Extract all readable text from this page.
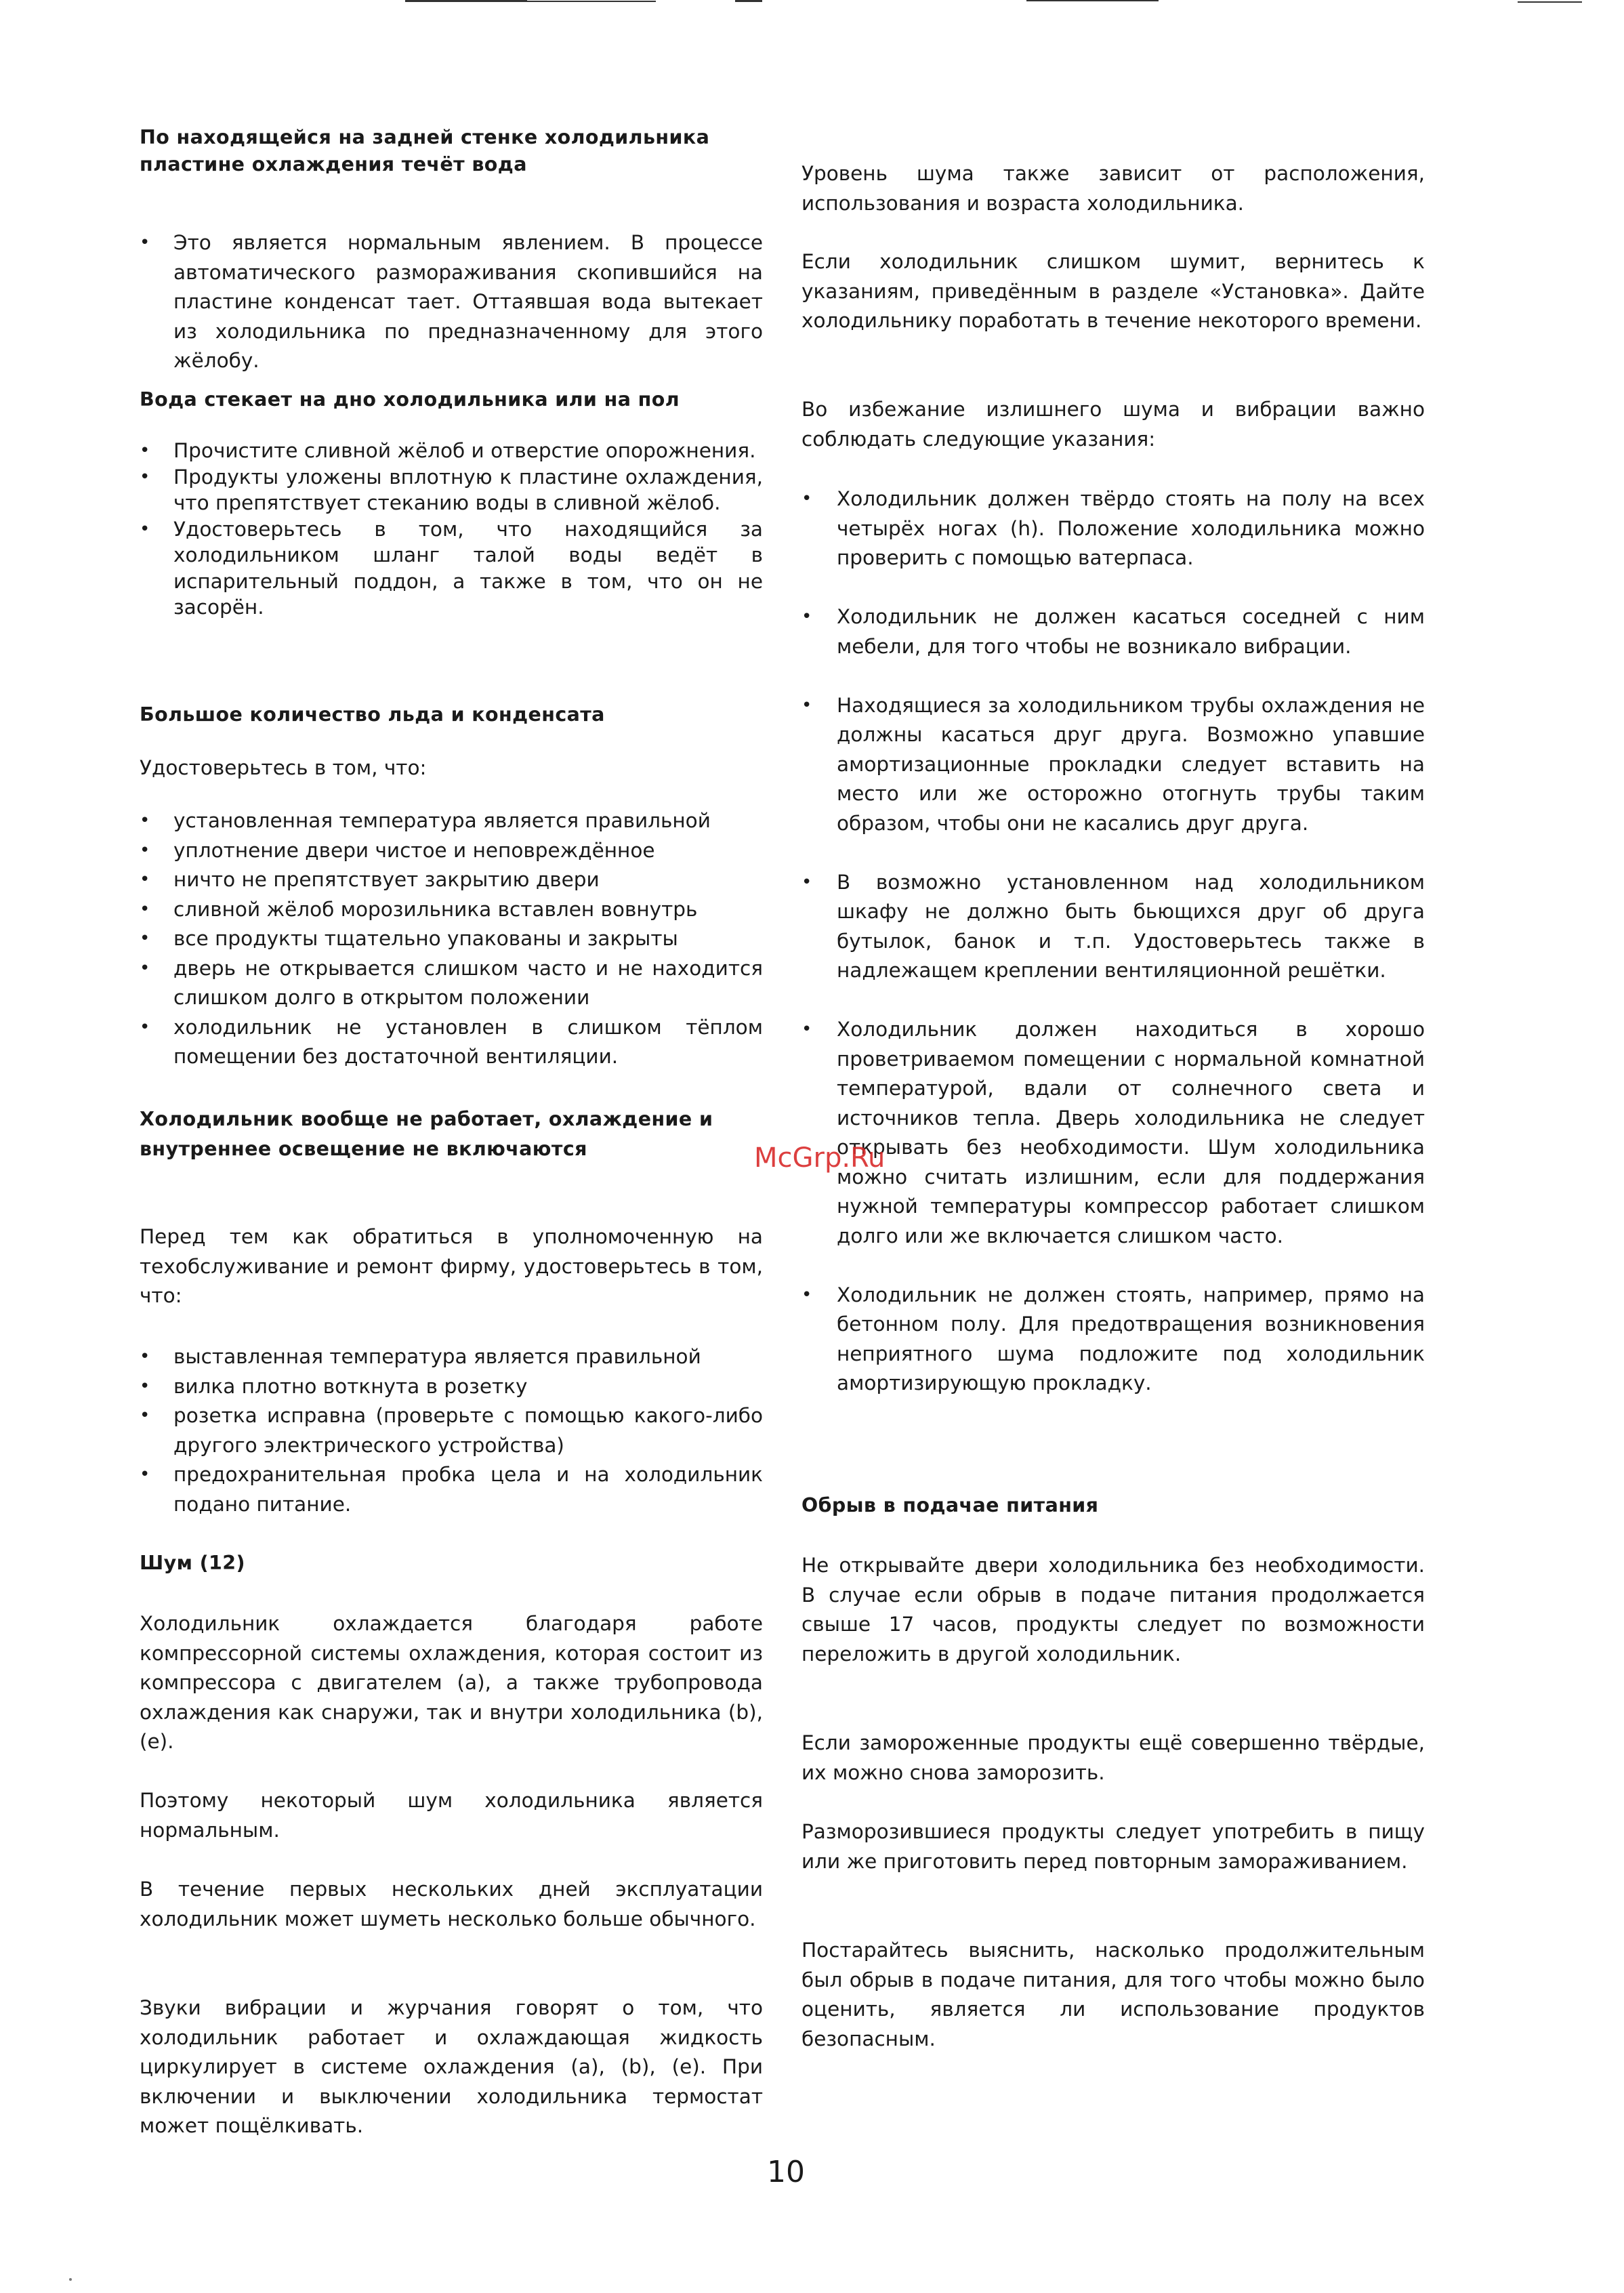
По находящейся на задней стенке холодильника пластине охлаждения течёт вода
• Это является нормальным явлением. В процессе автоматического размораживания скопившийся на пластине конденсат тает. Оттаявшая вода вытекает из холодильника по предназначенному для этого жёлобу.
Вода стекает на дно холодильника или на пол
• Прочистите сливной жёлоб и отверстие опорожнения.
• Продукты уложены вплотную к пластине охлаждения, что препятствует стеканию воды в сливной жёлоб.
• Удостоверьтесь в том, что находящийся за холодильником шланг талой воды ведёт в испарительный поддон, а также в том, что он не засорён.
Большое количество льда и конденсата

Удостоверьтесь в том, что:

• установленная температура является правильной
• уплотнение двери чистое и неповреждённое
• ничто не препятствует закрытию двери
• сливной жёлоб морозильника вставлен вовнутрь
• все продукты тщательно упакованы и закрыты
• дверь не открывается слишком часто и не находится слишком долго в открытом положении
• холодильник не установлен в слишком тёплом помещении без достаточной вентиляции.
Холодильник вообще не работает, охлаждение и внутреннее освещение не включаются

Перед тем как обратиться в уполномоченную на техобслуживание и ремонт фирму, удостоверьтесь в том, что:

• выставленная температура является правильной
• вилка плотно воткнута в розетку
• розетка исправна (проверьте с помощью какого-либо другого электрического устройства)
• предохранительная пробка цела и на холодильник подано питание.
Шум (12)

Холодильник охлаждается благодаря работе компрессорной системы охлаждения, которая состоит из компрессора с двигателем (а), а также трубопровода охлаждения как снаружи, так и внутри холодильника (b), (e).

Поэтому некоторый шум холодильника является нормальным.

В течение первых нескольких дней эксплуатации холодильник может шуметь несколько больше обычного.

Звуки вибрации и журчания говорят о том, что холодильник работает и охлаждающая жидкость циркулирует в системе охлаждения (а), (b), (e). При включении и выключении холодильника термостат может пощёлкивать.

Уровень шума также зависит от расположения, использования и возраста холодильника.

Если холодильник слишком шумит, вернитесь к указаниям, приведённым в разделе «Установка». Дайте холодильнику поработать в течение некоторого времени.

Во избежание излишнего шума и вибрации важно соблюдать следующие указания:

• Холодильник должен твёрдо стоять на полу на всех четырёх ногах (h). Положение холодильника можно проверить с помощью ватерпаса.
• Холодильник не должен касаться соседней с ним мебели, для того чтобы не возникало вибрации.
• Находящиеся за холодильником трубы охлаждения не должны касаться друг друга. Возможно упавшие амортизационные прокладки следует вставить на место или же осторожно отогнуть трубы таким образом, чтобы они не касались друг друга.
• В возможно установленном над холодильником шкафу не должно быть бьющихся друг об друга бутылок, банок и т.п. Удостоверьтесь также в надлежащем креплении вентиляционной решётки.
• Холодильник должен находиться в хорошо проветриваемом помещении с нормальной комнатной температурой, вдали от солнечного света и источников тепла. Дверь холодильника не следует открывать без необходимости. Шум холодильника можно считать излишним, если для поддержания нужной температуры компрессор работает слишком долго или же включается слишком часто.
• Холодильник не должен стоять, например, прямо на бетонном полу. Для предотвращения возникновения неприятного шума подложите под холодильник амортизирующую прокладку.
Обрыв в подачае питания

Не открывайте двери холодильника без необходимости. В случае если обрыв в подаче питания продолжается свыше 17 часов, продукты следует по возможности переложить в другой холодильник.

Если замороженные продукты ещё совершенно твёрдые, их можно снова заморозить.

Разморозившиеся продукты следует употребить в пищу или же приготовить перед повторным замораживанием.

Постарайтесь выяснить, насколько продолжительным был обрыв в подаче питания, для того чтобы можно было оценить, является ли использование продуктов безопасным.

McGrp.Ru
10
